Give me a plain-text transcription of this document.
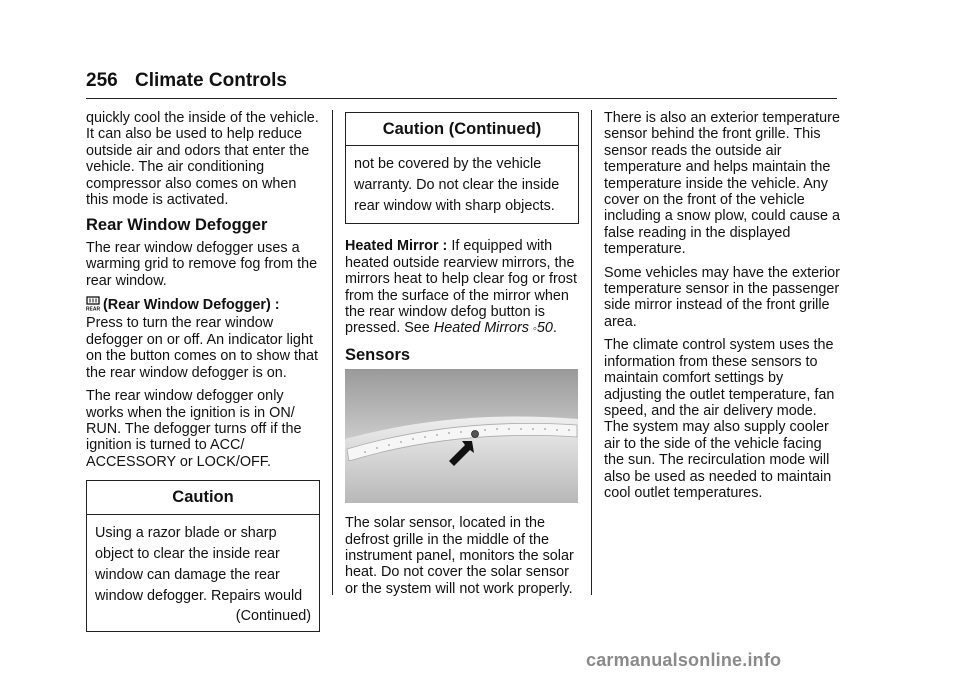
256 Climate Controls

quickly cool the inside of the vehicle. It can also be used to help reduce outside air and odors that enter the vehicle. The air conditioning compressor also comes on when this mode is activated.

Rear Window Defogger

The rear window defogger uses a warming grid to remove fog from the rear window.

REAR (Rear Window Defogger) :
Press to turn the rear window defogger on or off. An indicator light on the button comes on to show that the rear window defogger is on.

The rear window defogger only works when the ignition is in ON/ RUN. The defogger turns off if the ignition is turned to ACC/ ACCESSORY or LOCK/OFF.

Caution
Using a razor blade or sharp object to clear the inside rear window can damage the rear window defogger. Repairs would
(Continued)
Caution (Continued)
not be covered by the vehicle warranty. Do not clear the inside rear window with sharp objects.

Heated Mirror : If equipped with heated outside rearview mirrors, the mirrors heat to help clear fog or frost from the surface of the mirror when the rear window defog button is pressed. See Heated Mirrors ◦50.

Sensors

The solar sensor, located in the defrost grille in the middle of the instrument panel, monitors the solar heat. Do not cover the solar sensor or the system will not work properly.

There is also an exterior temperature sensor behind the front grille. This sensor reads the outside air temperature and helps maintain the temperature inside the vehicle. Any cover on the front of the vehicle including a snow plow, could cause a false reading in the displayed temperature.

Some vehicles may have the exterior temperature sensor in the passenger side mirror instead of the front grille area.

The climate control system uses the information from these sensors to maintain comfort settings by adjusting the outlet temperature, fan speed, and the air delivery mode. The system may also supply cooler air to the side of the vehicle facing the sun. The recirculation mode will also be used as needed to maintain cool outlet temperatures.

carmanualsonline.info
